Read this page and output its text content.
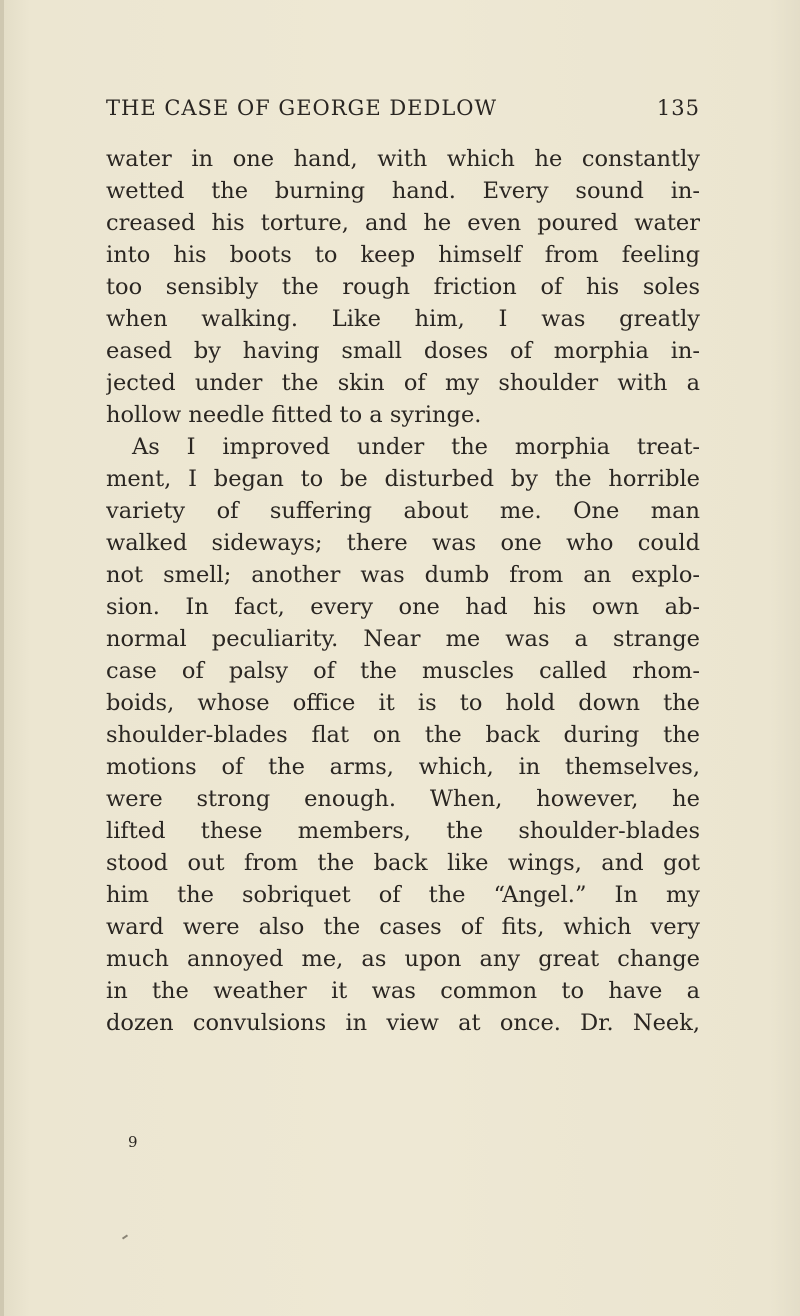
THE CASE OF GEORGE DEDLOW	135
water in one hand, with which he constantly
wetted the burning hand. Every sound in-
creased his torture, and he even poured water
into his boots to keep himself from feeling
too sensibly the rough friction of his soles
when walking. Like him, I was greatly
eased by having small doses of morphia in-
jected under the skin of my shoulder with a
hollow needle fitted to a syringe.
As I improved under the morphia treat-
ment, I began to be disturbed by the horrible
variety of suffering about me. One man
walked sideways; there was one who could
not smell; another was dumb from an explo-
sion. In fact, every one had his own ab-
normal peculiarity. Near me was a strange
case of palsy of the muscles called rhom-
boids, whose office it is to hold down the
shoulder-blades flat on the back during the
motions of the arms, which, in themselves,
were strong enough. When, however, he
lifted these members, the shoulder-blades
stood out from the back like wings, and got
him the sobriquet of the “Angel.” In my
ward were also the cases of fits, which very
much annoyed me, as upon any great change
in the weather it was common to have a
dozen convulsions in view at once. Dr. Neek,
9
